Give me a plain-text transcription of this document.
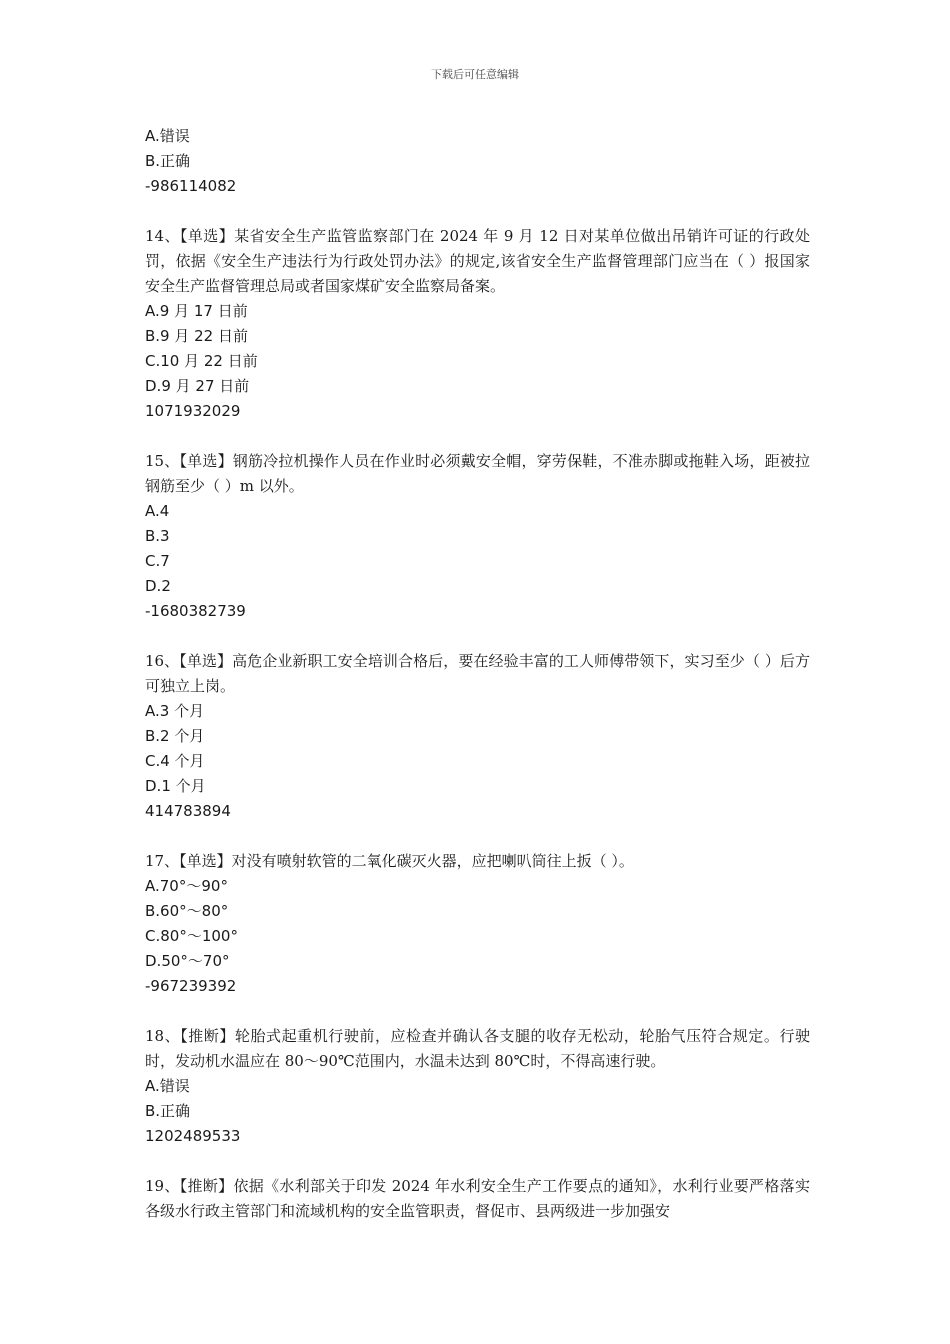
下载后可任意编辑
A.错误
B.正确
-986114082
14、【单选】某省安全生产监管监察部门在 2024 年 9 月 12 日对某单位做出吊销许可证的行政处罚，依据《安全生产违法行为行政处罚办法》的规定,该省安全生产监督管理部门应当在（ ）报国家安全生产监督管理总局或者国家煤矿安全监察局备案。
A.9 月 17 日前
B.9 月 22 日前
C.10 月 22 日前
D.9 月 27 日前
1071932029
15、【单选】钢筋冷拉机操作人员在作业时必须戴安全帽，穿劳保鞋，不准赤脚或拖鞋入场，距被拉钢筋至少（ ）m 以外。
A.4
B.3
C.7
D.2
-1680382739
16、【单选】高危企业新职工安全培训合格后，要在经验丰富的工人师傅带领下，实习至少（ ）后方可独立上岗。
A.3 个月
B.2 个月
C.4 个月
D.1 个月
414783894
17、【单选】对没有喷射软管的二氧化碳灭火器，应把喇叭筒往上扳（ ）。
A.70°～90°
B.60°～80°
C.80°～100°
D.50°～70°
-967239392
18、【推断】轮胎式起重机行驶前，应检查并确认各支腿的收存无松动，轮胎气压符合规定。行驶时，发动机水温应在 80～90℃范围内，水温未达到 80℃时，不得高速行驶。
A.错误
B.正确
1202489533
19、【推断】依据《水利部关于印发 2024 年水利安全生产工作要点的通知》，水利行业要严格落实各级水行政主管部门和流域机构的安全监管职责，督促市、县两级进一步加强安
